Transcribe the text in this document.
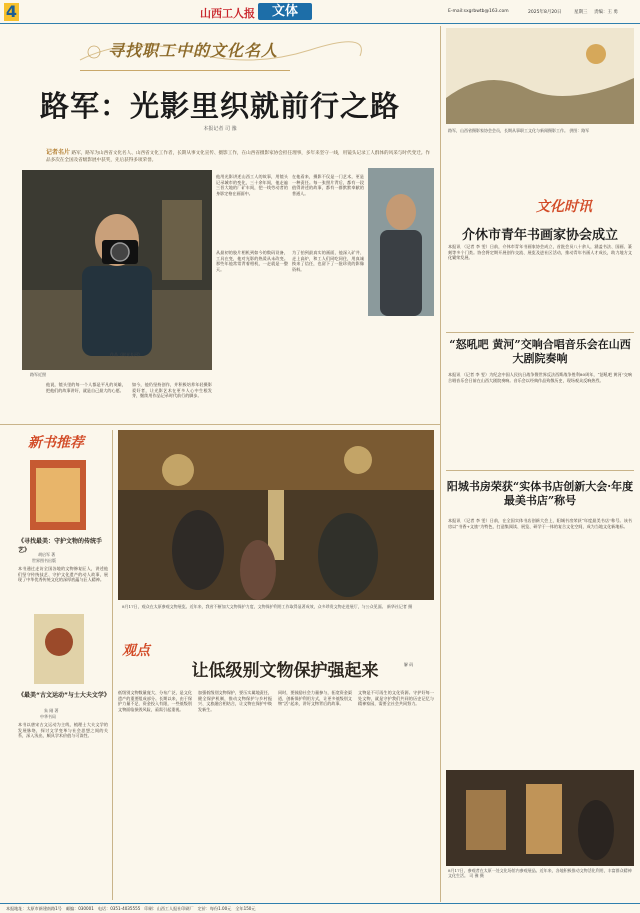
4	山西工人报	文体	E-mail:sxgrbwtb@163.com	2025年8月20日	星期三 责编：王 勇
寻找职工中的文化名人
路军：光影里织就前行之路
本报记者 司 豫
记者名片 路军，路军为山西省文化名人、山西省文化工作者，长期从事文化宣传、摄影工作，在山西省摄影家协会担任理事，多年来坚守一线，用镜头记录工人群体的风采与时代变迁。作品多次在全国及省级影展中获奖，先后获得多项荣誉。
路军近照
他用光影讲述山西工人的故事，用镜头记录城市的变化，三十余年间，他走遍三晋大地的厂矿车间，把一线劳动者的身影定格在画面中。
在他看来，摄影不仅是一门艺术，更是一种责任。每一张照片背后，都有一段值得讲述的故事，都有一群默默奉献的普通人。
从最初的胶片相机到如今的数码设备，工具在变，他对光影的热爱从未改变。那些年他常常背着相机，一走就是一整天。
为了拍到最真实的画面，他深入矿井、走上高炉，和工人们同吃同住，用真诚换来了信任，也留下了一批珍贵的影像资料。
他说，镜头里的每一个人都是平凡的英雄，把他们的故事讲好，就是自己最大的心愿。
如今，他仍坚持创作，并积极培养年轻摄影爱好者，让光影艺术在更多人心中生根发芽，继续用作品记录时代前行的脚步。
作品《时光长河》
新书推荐
《寻找最美：守护文物的传统手艺》
胡启军 著
世界图书出版
本书通过走访全国各地的文物修复匠人，讲述他们坚守传统技艺、守护文化遗产的动人故事，展现了中华优秀传统文化的深厚底蕴与匠人精神。
《最美“古文运动”与士大夫文学》
朱 刚 著
中华书局
本书以唐宋古文运动为主线，梳理士大夫文学的发展脉络，探讨文学变革与社会思想之间的关系，深入浅出，颇具学术价值与可读性。
8月17日，观众在太原参观文物展览。近年来，我省不断加大文物保护力度，文物保护利用工作取得显著成效，众多珍贵文物走进展厅，与公众见面。 新华社记者 摄
观点
让低级别文物保护强起来	解 码
低级别文物数量庞大、分布广泛，是文化遗产的重要组成部分。长期以来，由于保护力量不足、资金投入有限，一些低级别文物面临损毁风险，亟需引起重视。
加强低级别文物保护，要压实属地责任，健全保护机制，推动文物保护与乡村振兴、文旅融合相结合，让文物在保护中焕发新生。
同时，要鼓励社会力量参与，拓宽资金渠道，创新保护利用方式，让更多低级别文物“活”起来，讲好文物背后的故事。
文物是不可再生的文化资源。守护好每一处文物，就是守护我们共同的历史记忆与精神家园，需要全社会共同努力。
路军，山西省摄影家协会会员，长期从事职工文化与新闻摄影工作。 供图：路军
文化时讯
介休市青年书画家协会成立
本报讯 （记者 李 雯）日前，介休市青年书画家协会成立，首批会员八十余人，涵盖书法、国画、篆刻等多个门类。协会将定期开展创作交流、展览及进社区活动，推动青年书画人才成长，助力地方文化繁荣发展。
“怒吼吧 黄河”交响合唱音乐会在山西大剧院奏响
本报讯 （记者 李 雯）为纪念中国人民抗日战争暨世界反法西斯战争胜利80周年，“怒吼吧 黄河”交响合唱音乐会日前在山西大剧院奏响。音乐会以经典作品致敬历史，现场观众反响热烈。
阳城书房荣获“实体书店创新大会·年度最美书店”称号
本报讯 （记者 李 雯）日前，在全国实体书店创新大会上，阳城书房荣获“年度最美书店”称号。该书房以“书香+文旅”为特色，打造集阅读、展览、研学于一体的复合文化空间，成为当地文化新地标。
8月17日，参观者在太原一处文化场馆内参观展品。近年来，各地积极推动文物活化利用，丰富群众精神文化生活。 司 豫 摄
本报地址：太原市新建南路1号　邮编：030001　电话：0351-4035555　印刷：山西工人报社印刷厂　定价：每份1.00元　全年150元
